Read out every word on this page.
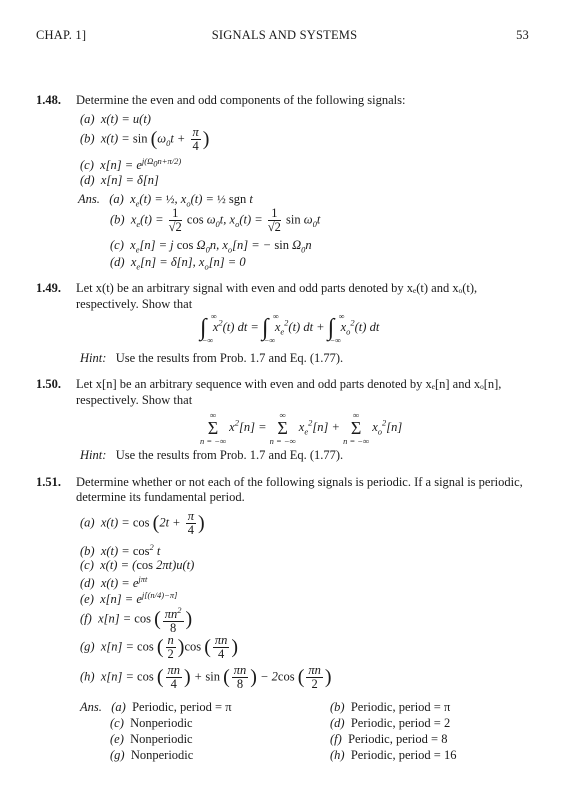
CHAP. 1]	SIGNALS AND SYSTEMS	53
1.48. Determine the even and odd components of the following signals:
(a)  x(t) = u(t)
(b)  $x(t) = \sin (\omega_0t + \frac{\pi}{4}$ )
(c)  $x[n] = e^{j(\Omega_0n+\pi/2)}$
(d)  x[n] = δ[n]
Ans. (a)  $x_e(t)$ = ½, $x_o(t)$ = ½ sgn t
(b)  $x_e(t) = \frac{1}{√2}$ $\cos \omega_0t$, $x_o(t) = \frac{1}{√2}$ $\sin \omega_0t$
(c)  $x_e[n] = j$ $\cos \Omega_0n$, $x_o[n]$ = − $\sin \Omega_0n$
(d)  $x_e[n] = \delta[n]$, $x_o[n] = 0$
1.49. Let x(t) be an arbitrary signal with even and odd parts denoted by xₑ(t) and xₒ(t),
respectively. Show that
∫ ∞
−∞
$x^2(t)$ dt = ∫ ∞
−∞
$x_e^2(t)$ dt + ∫ ∞
−∞
$x_o^2(t)$ dt
Hint: Use the results from Prob. 1.7 and Eq. (1.77).
1.50. Let x[n] be an arbitrary sequence with even and odd parts denoted by xₑ[n] and xₒ[n],
respectively. Show that
∞
Σ
n = −∞
$x^2[n]$ =
∞
Σ
n = −∞
$x_e^2[n]$ +
∞
Σ
n = −∞
$x_o^2[n]$
Hint: Use the results from Prob. 1.7 and Eq. (1.77).
1.51. Determine whether or not each of the following signals is periodic. If a signal is periodic,
determine its fundamental period.
(a)  $x(t) = \cos (2t + \frac{\pi}{4}$ )
(b)  $x(t) = \cos^2 t$
(c)  x(t) = (cos 2πt)u(t)
(d)  $x(t) = e^{j\pi t}$
(e)  $x[n] = e^{j[(n/4)-\pi]}$
(f)  x[n] = cos ( $\frac{\pi n^2}{8}$ )
(g)  x[n] = cos ( $\frac{n}{2} )\cos$ ( $\frac{\pi n}{4}$ )
(h)  x[n] = cos ( $\frac{\pi n}{4}$ ) + sin ( $\frac{\pi n}{8}$ ) − 2cos ( $\frac{\pi n}{2}$ )
Ans. (a) Periodic, period = π	(b) Periodic, period = π
(c) Nonperiodic	(d) Periodic, period = 2
(e) Nonperiodic	(f) Periodic, period = 8
(g) Nonperiodic	(h) Periodic, period = 16
